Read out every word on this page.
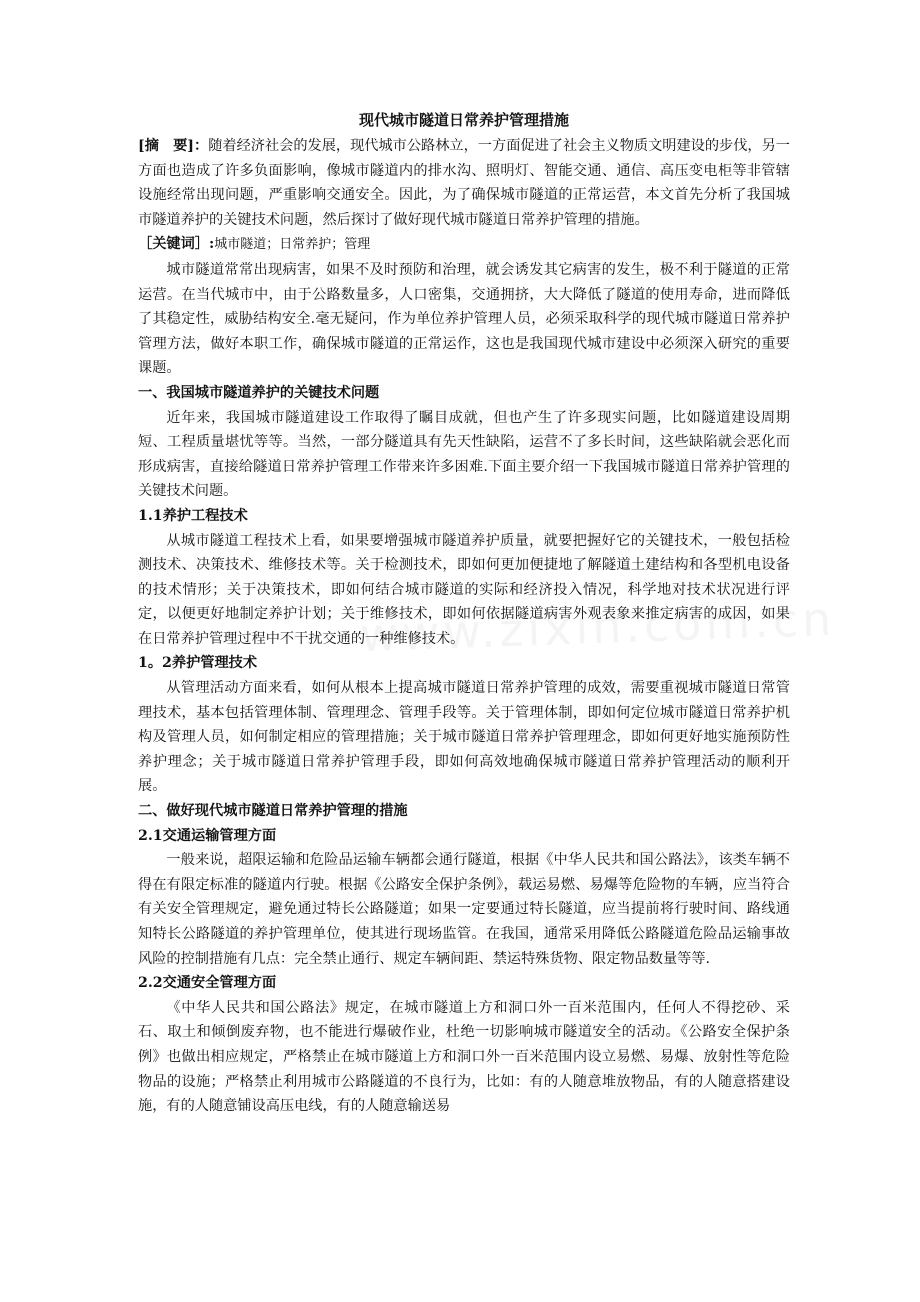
现代城市隧道日常养护管理措施

[摘　要]：随着经济社会的发展，现代城市公路林立，一方面促进了社会主义物质文明建设的步伐，另一方面也造成了许多负面影响，像城市隧道内的排水沟、照明灯、智能交通、通信、高压变电柜等非管辖设施经常出现问题，严重影响交通安全。因此，为了确保城市隧道的正常运营，本文首先分析了我国城市隧道养护的关键技术问题，然后探讨了做好现代城市隧道日常养护管理的措施。

［关键词］:城市隧道；日常养护；管理

城市隧道常常出现病害，如果不及时预防和治理，就会诱发其它病害的发生，极不利于隧道的正常运营。在当代城市中，由于公路数量多，人口密集，交通拥挤，大大降低了隧道的使用寿命，进而降低了其稳定性，威胁结构安全.毫无疑问，作为单位养护管理人员，必须采取科学的现代城市隧道日常养护管理方法，做好本职工作，确保城市隧道的正常运作，这也是我国现代城市建设中必须深入研究的重要课题。

一、我国城市隧道养护的关键技术问题

近年来，我国城市隧道建设工作取得了瞩目成就，但也产生了许多现实问题，比如隧道建设周期短、工程质量堪忧等等。当然，一部分隧道具有先天性缺陷，运营不了多长时间，这些缺陷就会恶化而形成病害，直接给隧道日常养护管理工作带来许多困难.下面主要介绍一下我国城市隧道日常养护管理的关键技术问题。

1.1养护工程技术

从城市隧道工程技术上看，如果要增强城市隧道养护质量，就要把握好它的关键技术，一般包括检测技术、决策技术、维修技术等。关于检测技术，即如何更加便捷地了解隧道土建结构和各型机电设备的技术情形；关于决策技术，即如何结合城市隧道的实际和经济投入情况，科学地对技术状况进行评定，以便更好地制定养护计划；关于维修技术，即如何依据隧道病害外观表象来推定病害的成因，如果在日常养护管理过程中不干扰交通的一种维修技术。

1。2养护管理技术

从管理活动方面来看，如何从根本上提高城市隧道日常养护管理的成效，需要重视城市隧道日常管理技术，基本包括管理体制、管理理念、管理手段等。关于管理体制，即如何定位城市隧道日常养护机构及管理人员，如何制定相应的管理措施；关于城市隧道日常养护管理理念，即如何更好地实施预防性养护理念；关于城市隧道日常养护管理手段，即如何高效地确保城市隧道日常养护管理活动的顺利开展。

二、做好现代城市隧道日常养护管理的措施
2.1交通运输管理方面

一般来说，超限运输和危险品运输车辆都会通行隧道，根据《中华人民共和国公路法》，该类车辆不得在有限定标准的隧道内行驶。根据《公路安全保护条例》，载运易燃、易爆等危险物的车辆，应当符合有关安全管理规定，避免通过特长公路隧道；如果一定要通过特长隧道，应当提前将行驶时间、路线通知特长公路隧道的养护管理单位，使其进行现场监管。在我国，通常采用降低公路隧道危险品运输事故风险的控制措施有几点：完全禁止通行、规定车辆间距、禁运特殊货物、限定物品数量等等.

2.2交通安全管理方面

《中华人民共和国公路法》规定，在城市隧道上方和洞口外一百米范围内，任何人不得挖砂、采石、取土和倾倒废弃物，也不能进行爆破作业，杜绝一切影响城市隧道安全的活动。《公路安全保护条例》也做出相应规定，严格禁止在城市隧道上方和洞口外一百米范围内设立易燃、易爆、放射性等危险物品的设施；严格禁止利用城市公路隧道的不良行为，比如：有的人随意堆放物品，有的人随意搭建设施，有的人随意铺设高压电线，有的人随意输送易
